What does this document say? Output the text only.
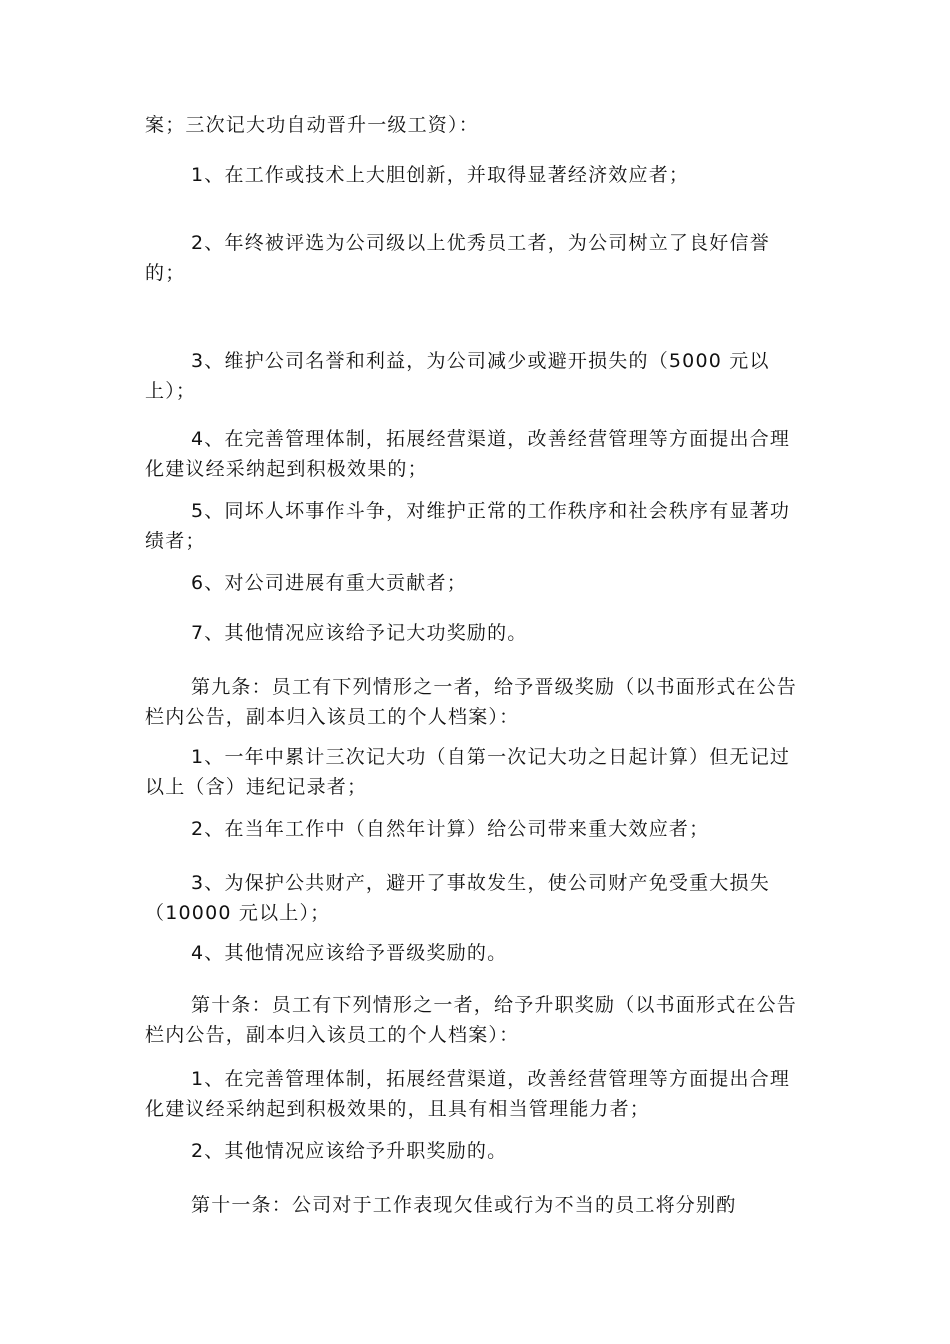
案；三次记大功自动晋升一级工资）：

1、在工作或技术上大胆创新，并取得显著经济效应者；

2、年终被评选为公司级以上优秀员工者，为公司树立了良好信誉的；

3、维护公司名誉和利益，为公司减少或避开损失的（5000 元以上）；

4、在完善管理体制，拓展经营渠道，改善经营管理等方面提出合理化建议经采纳起到积极效果的；

5、同坏人坏事作斗争，对维护正常的工作秩序和社会秩序有显著功绩者；

6、对公司进展有重大贡献者；

7、其他情况应该给予记大功奖励的。

第九条：员工有下列情形之一者，给予晋级奖励（以书面形式在公告栏内公告，副本归入该员工的个人档案）：

1、一年中累计三次记大功（自第一次记大功之日起计算）但无记过以上（含）违纪记录者；

2、在当年工作中（自然年计算）给公司带来重大效应者；

3、为保护公共财产，避开了事故发生，使公司财产免受重大损失（10000 元以上）；

4、其他情况应该给予晋级奖励的。

第十条：员工有下列情形之一者，给予升职奖励（以书面形式在公告栏内公告，副本归入该员工的个人档案）：

1、在完善管理体制，拓展经营渠道，改善经营管理等方面提出合理化建议经采纳起到积极效果的，且具有相当管理能力者；

2、其他情况应该给予升职奖励的。

第十一条：公司对于工作表现欠佳或行为不当的员工将分别酌
